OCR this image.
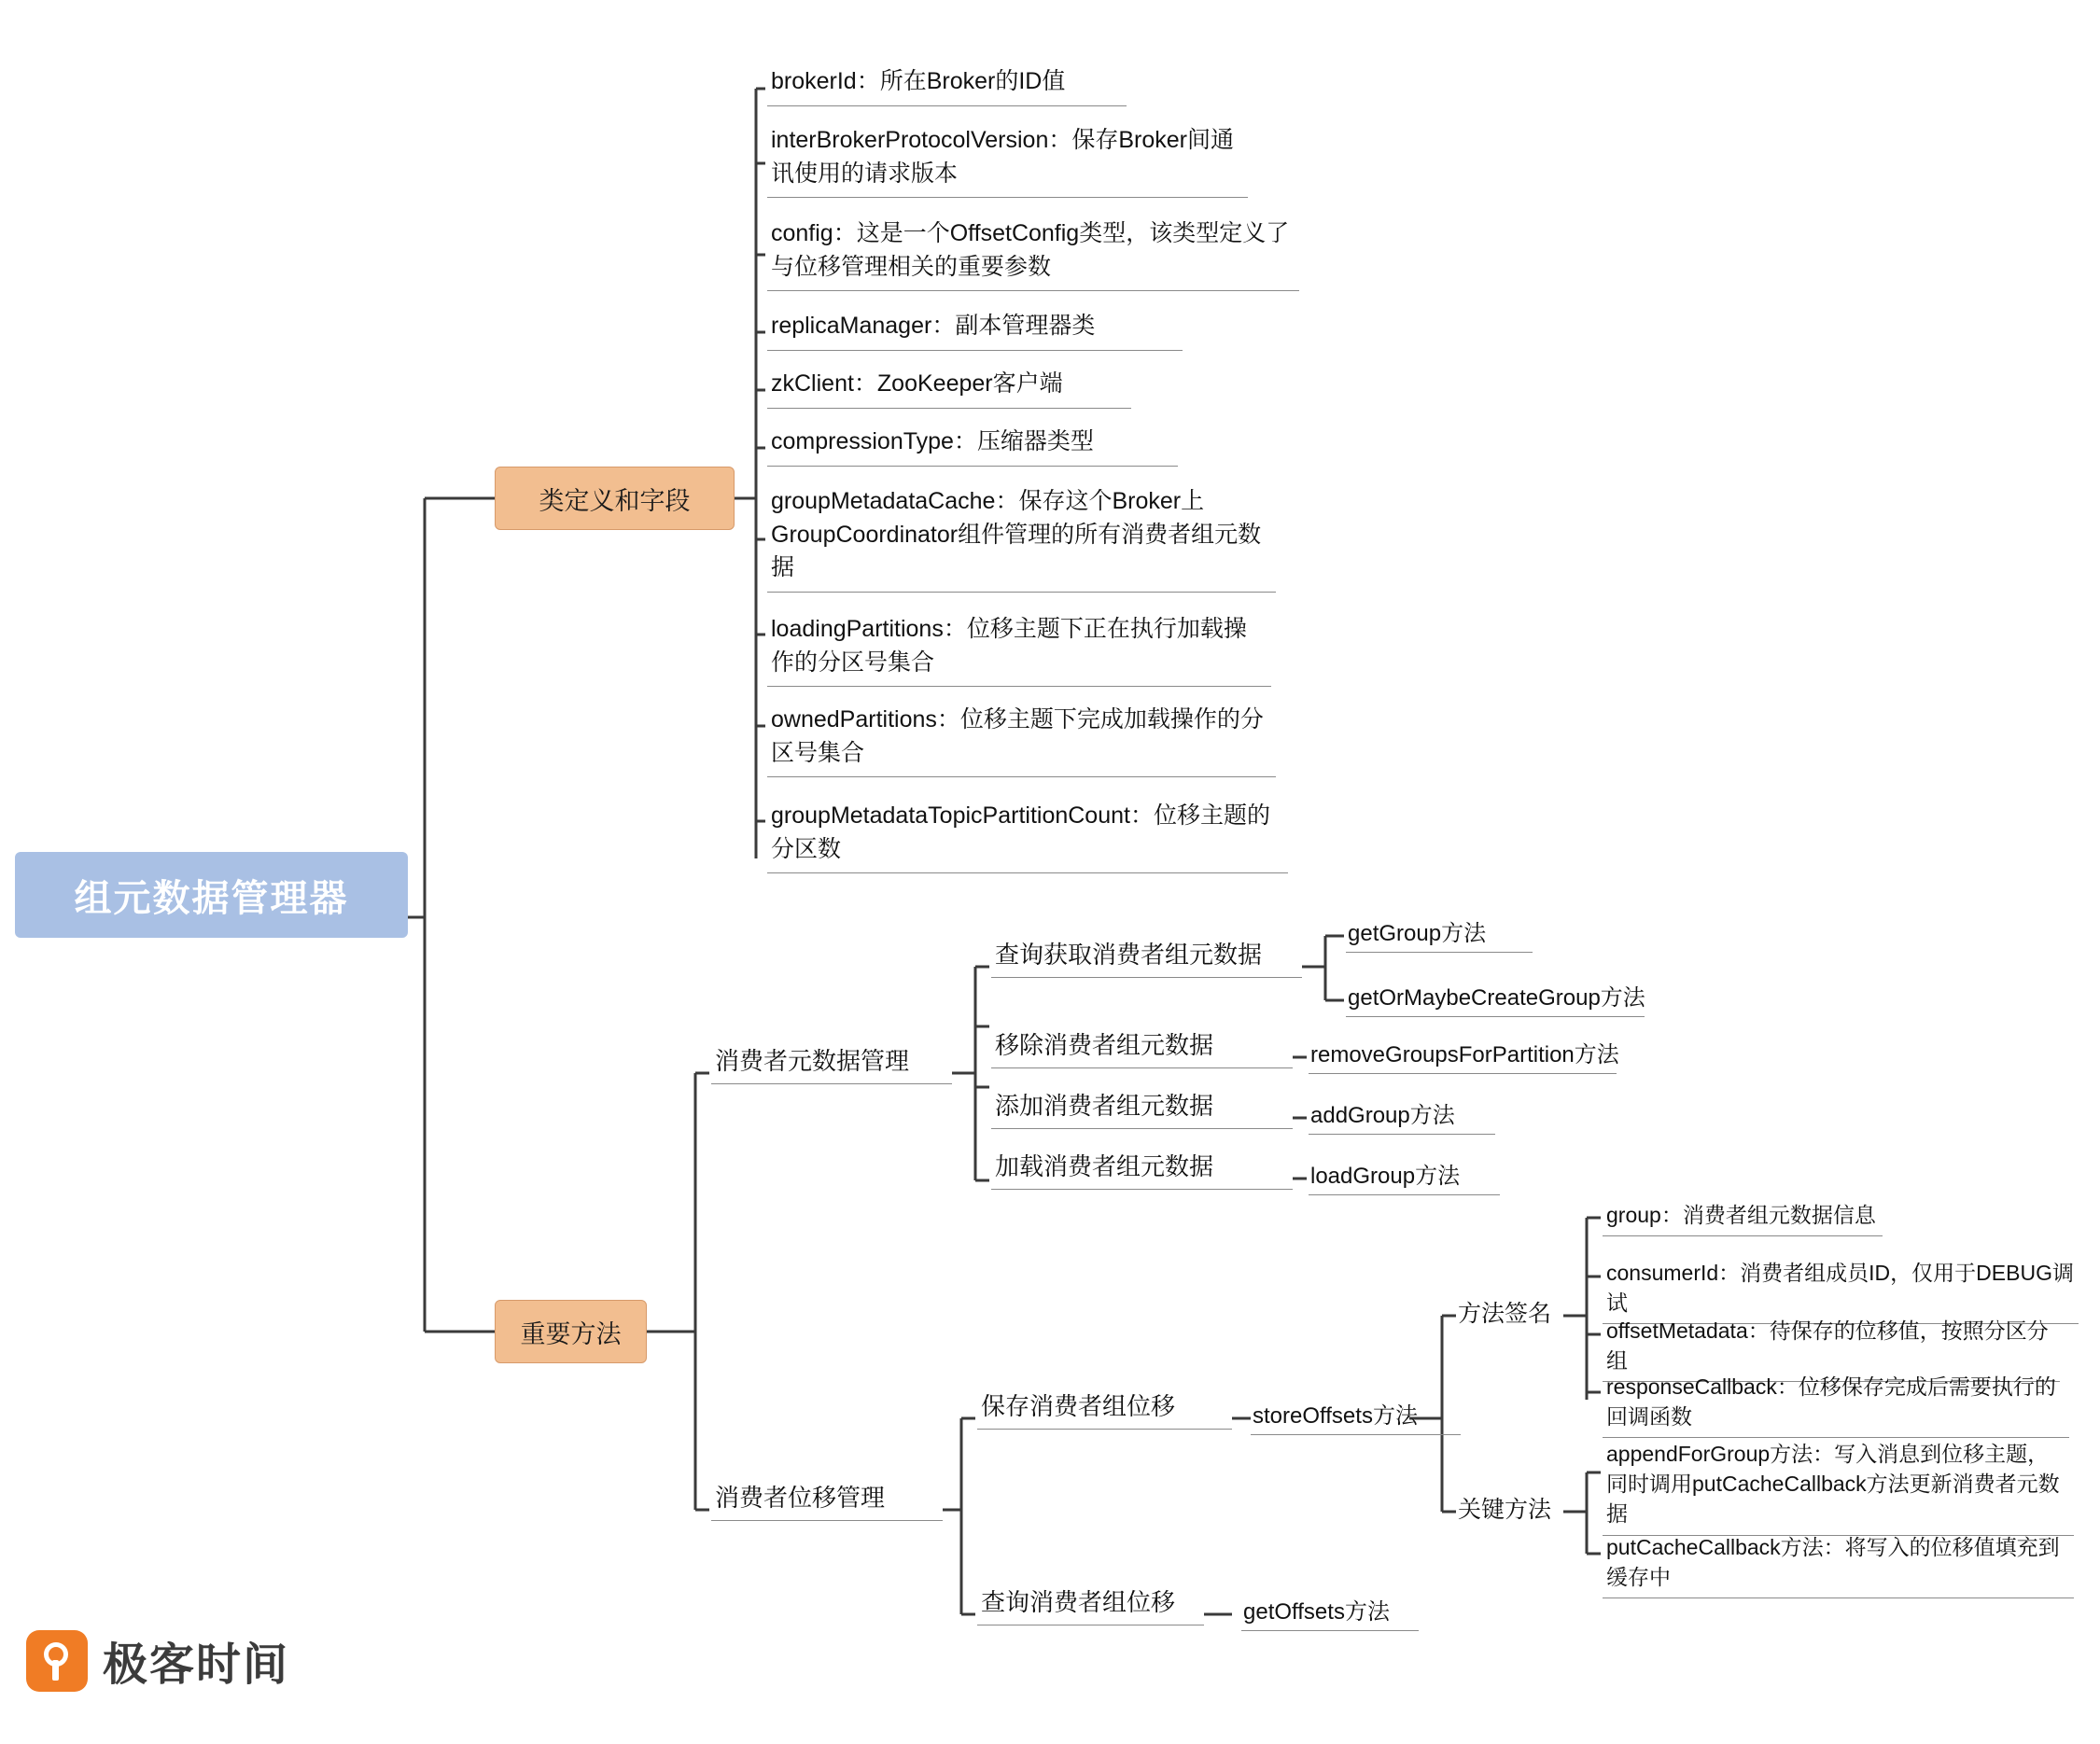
组元数据管理器
类定义和字段
brokerId：所在Broker的ID值
interBrokerProtocolVersion：保存Broker间通讯使用的请求版本
config：这是一个OffsetConfig类型，该类型定义了与位移管理相关的重要参数
replicaManager：副本管理器类
zkClient：ZooKeeper客户端
compressionType：压缩器类型
groupMetadataCache：保存这个Broker上GroupCoordinator组件管理的所有消费者组元数据
loadingPartitions：位移主题下正在执行加载操作的分区号集合
ownedPartitions：位移主题下完成加载操作的分区号集合
groupMetadataTopicPartitionCount：位移主题的分区数
重要方法
消费者元数据管理
查询获取消费者组元数据
getGroup方法
getOrMaybeCreateGroup方法
移除消费者组元数据	removeGroupsForPartition方法
添加消费者组元数据	addGroup方法
加载消费者组元数据	loadGroup方法
消费者位移管理
保存消费者组位移	storeOffsets方法
方法签名
group：消费者组元数据信息
consumerId：消费者组成员ID，仅用于DEBUG调试
offsetMetadata：待保存的位移值，按照分区分组
responseCallback：位移保存完成后需要执行的回调函数
关键方法
appendForGroup方法：写入消息到位移主题，同时调用putCacheCallback方法更新消费者元数据
putCacheCallback方法：将写入的位移值填充到缓存中
查询消费者组位移	getOffsets方法
极客时间
